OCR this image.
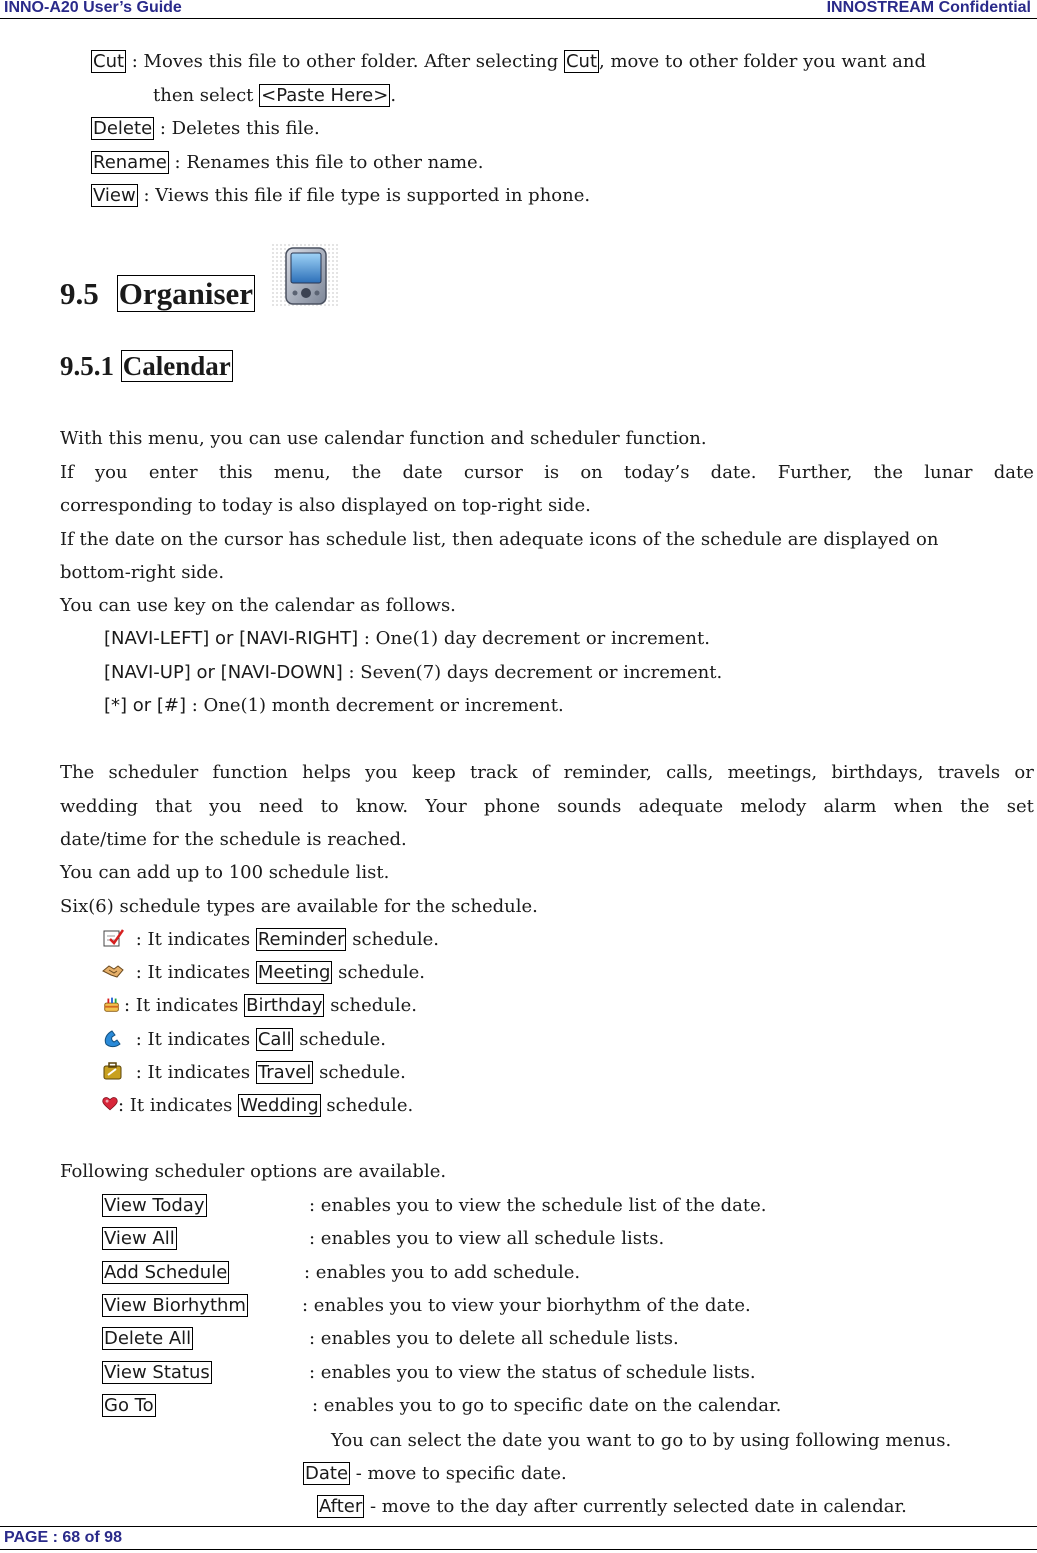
INNO-A20 User’s Guide	INNOSTREAM Confidential
Cut : Moves this file to other folder. After selecting Cut , move to other folder you want and
then select <Paste Here> .
Delete : Deletes this file.
Rename : Renames this file to other name.
View : Views this file if file type is supported in phone.
9.5 Organiser
9.5.1 Calendar
With this menu, you can use calendar function and scheduler function.
If you enter this menu, the date cursor is on today’s date. Further, the lunar date
corresponding to today is also displayed on top-right side.
If the date on the cursor has schedule list, then adequate icons of the schedule are displayed on
bottom-right side.
You can use key on the calendar as follows.
[NAVI-LEFT] or [NAVI-RIGHT] : One(1) day decrement or increment.
[NAVI-UP] or [NAVI-DOWN] : Seven(7) days decrement or increment.
[*] or [#] : One(1) month decrement or increment.
The scheduler function helps you keep track of reminder, calls, meetings, birthdays, travels or
wedding that you need to know. Your phone sounds adequate melody alarm when the set
date/time for the schedule is reached.
You can add up to 100 schedule list.
Six(6) schedule types are available for the schedule.
: It indicates Reminder schedule.
: It indicates Meeting schedule.
: It indicates Birthday schedule.
: It indicates Call schedule.
: It indicates Travel schedule.
: It indicates Wedding schedule.
Following scheduler options are available.
View Today	: enables you to view the schedule list of the date.
View All	: enables you to view all schedule lists.
Add Schedule	: enables you to add schedule.
View Biorhythm	: enables you to view your biorhythm of the date.
Delete All	: enables you to delete all schedule lists.
View Status	: enables you to view the status of schedule lists.
Go To	: enables you to go to specific date on the calendar.
You can select the date you want to go to by using following menus.
Date - move to specific date.
After - move to the day after currently selected date in calendar.
PAGE : 68 of 98
